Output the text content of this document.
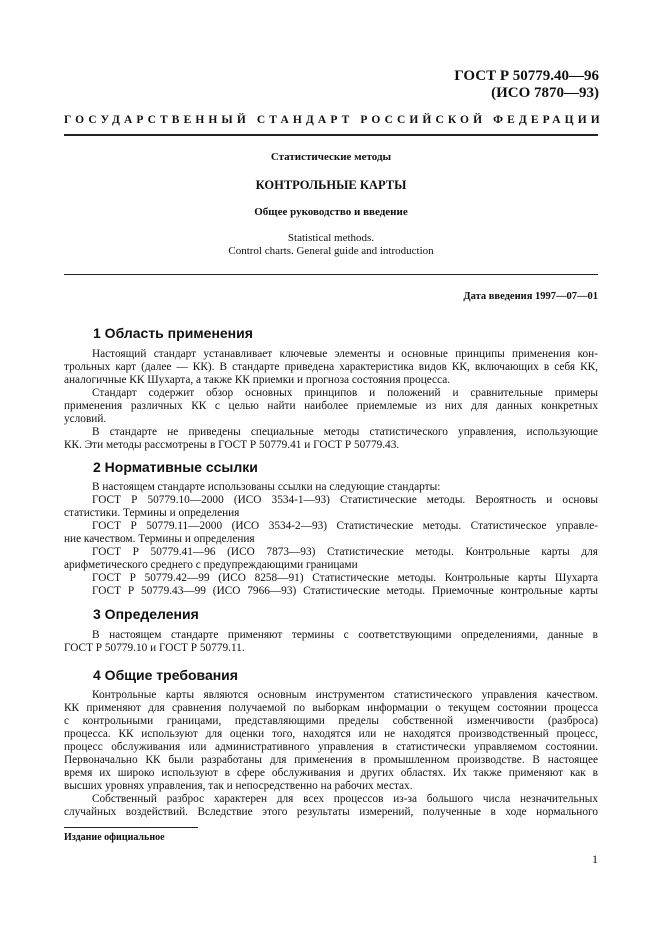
ГОСТ Р 50779.40—96
(ИСО 7870—93)
ГОСУДАРСТВЕННЫЙ СТАНДАРТ РОССИЙСКОЙ ФЕДЕРАЦИИ
Статистические методы
КОНТРОЛЬНЫЕ КАРТЫ
Общее руководство и введение
Statistical methods.
Control charts. General guide and introduction
Дата введения 1997—07—01
1 Область применения
Настоящий стандарт устанавливает ключевые элементы и основные принципы применения кон-
трольных карт (далее — КК). В стандарте приведена характеристика видов КК, включающих в себя КК,
аналогичные КК Шухарта, а также КК приемки и прогноза состояния процесса.
Стандарт содержит обзор основных принципов и положений и сравнительные примеры
применения различных КК с целью найти наиболее приемлемые из них для данных конкретных
условий.
В стандарте не приведены специальные методы статистического управления, использующие
КК. Эти методы рассмотрены в ГОСТ Р 50779.41 и ГОСТ Р 50779.43.
2 Нормативные ссылки
В настоящем стандарте использованы ссылки на следующие стандарты:
ГОСТ Р 50779.10—2000 (ИСО 3534-1—93) Статистические методы. Вероятность и основы
статистики. Термины и определения
ГОСТ Р 50779.11—2000 (ИСО 3534-2—93) Статистические методы. Статистическое управле-
ние качеством. Термины и определения
ГОСТ Р 50779.41—96 (ИСО 7873—93) Статистические методы. Контрольные карты для
арифметического среднего с предупреждающими границами
ГОСТ Р 50779.42—99 (ИСО 8258—91) Статистические методы. Контрольные карты Шухарта
ГОСТ Р 50779.43—99 (ИСО 7966—93) Статистические методы. Приемочные контрольные карты
3 Определения
В настоящем стандарте применяют термины с соответствующими определениями, данные в
ГОСТ Р 50779.10 и ГОСТ Р 50779.11.
4 Общие требования
Контрольные карты являются основным инструментом статистического управления качеством.
КК применяют для сравнения получаемой по выборкам информации о текущем состоянии процесса
с контрольными границами, представляющими пределы собственной изменчивости (разброса)
процесса. КК используют для оценки того, находятся или не находятся производственный процесс,
процесс обслуживания или административного управления в статистически управляемом состоянии.
Первоначально КК были разработаны для применения в промышленном производстве. В настоящее
время их широко используют в сфере обслуживания и других областях. Их также применяют как в
высших уровнях управления, так и непосредственно на рабочих местах.
Собственный разброс характерен для всех процессов из-за большого числа незначительных
случайных воздействий. Вследствие этого результаты измерений, полученные в ходе нормального
Издание официальное
1
